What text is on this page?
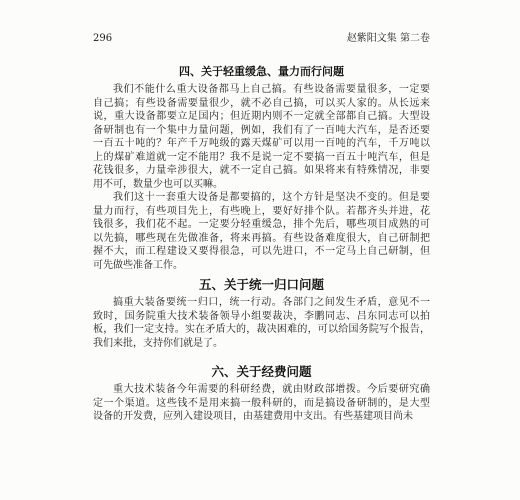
296	赵紫阳文集 第二卷
四、关于轻重缓急、量力而行问题
我们不能什么重大设备都马上自己搞。有些设备需要量很多，一定要
自己搞；有些设备需要量很少，就不必自己搞，可以买人家的。从长远来
说，重大设备都要立足国内；但近期内则不一定就全部都自己搞。大型设
备研制也有一个集中力量问题，例如，我们有了一百吨大汽车，是否还要
一百五十吨的？年产千万吨级的露天煤矿可以用一百吨的汽车，千万吨以
上的煤矿难道就一定不能用？我不是说一定不要搞一百五十吨汽车，但是
花钱很多，力量牵涉很大，就不一定自己搞。如果将来有特殊情况，非要
用不可，数量少也可以买嘛。
我们这十一套重大设备是都要搞的，这个方针是坚决不变的。但是要
量力而行，有些项目先上，有些晚上，要好好排个队。若都齐头并进，花
钱很多，我们花不起。一定要分轻重缓急，排个先后，哪些项目成熟的可
以先搞，哪些现在先做准备，将来再搞。有些设备难度很大，自己研制把
握不大，而工程建设又要得很急，可以先进口，不一定马上自己研制，但
可先做些准备工作。
五、关于统一归口问题
搞重大装备要统一归口，统一行动。各部门之间发生矛盾，意见不一
致时，国务院重大技术装备领导小组要裁决，李鹏同志、吕东同志可以拍
板，我们一定支持。实在矛盾大的，裁决困难的，可以给国务院写个报告，
我们来批，支持你们就是了。
六、关于经费问题
重大技术装备今年需要的科研经费，就由财政部增拨。今后要研究确
定一个渠道。这些钱不是用来搞一般科研的，而是搞设备研制的，是大型
设备的开发费，应列入建设项目，由基建费用中支出。有些基建项目尚未
